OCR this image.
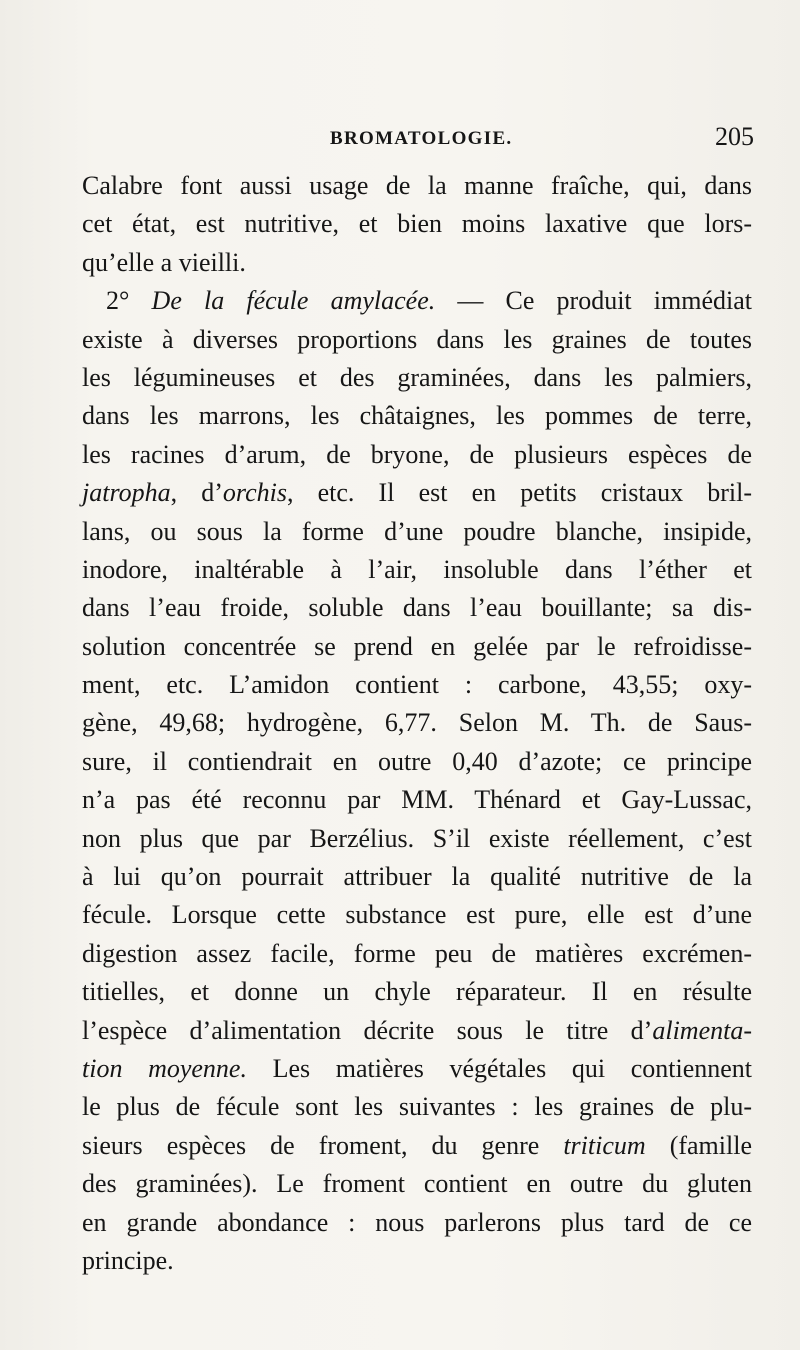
BROMATOLOGIE.	205
Calabre font aussi usage de la manne fraîche, qui, dans
cet état, est nutritive, et bien moins laxative que lors-
qu’elle a vieilli.
2° De la fécule amylacée. — Ce produit immédiat
existe à diverses proportions dans les graines de toutes
les légumineuses et des graminées, dans les palmiers,
dans les marrons, les châtaignes, les pommes de terre,
les racines d’arum, de bryone, de plusieurs espèces de
jatropha, d’orchis, etc. Il est en petits cristaux bril-
lans, ou sous la forme d’une poudre blanche, insipide,
inodore, inaltérable à l’air, insoluble dans l’éther et
dans l’eau froide, soluble dans l’eau bouillante; sa dis-
solution concentrée se prend en gelée par le refroidisse-
ment, etc. L’amidon contient : carbone, 43,55; oxy-
gène, 49,68; hydrogène, 6,77. Selon M. Th. de Saus-
sure, il contiendrait en outre 0,40 d’azote; ce principe
n’a pas été reconnu par MM. Thénard et Gay-Lussac,
non plus que par Berzélius. S’il existe réellement, c’est
à lui qu’on pourrait attribuer la qualité nutritive de la
fécule. Lorsque cette substance est pure, elle est d’une
digestion assez facile, forme peu de matières excrémen-
titielles, et donne un chyle réparateur. Il en résulte
l’espèce d’alimentation décrite sous le titre d’alimenta-
tion moyenne. Les matières végétales qui contiennent
le plus de fécule sont les suivantes : les graines de plu-
sieurs espèces de froment, du genre triticum (famille
des graminées). Le froment contient en outre du gluten
en grande abondance : nous parlerons plus tard de ce
principe.
